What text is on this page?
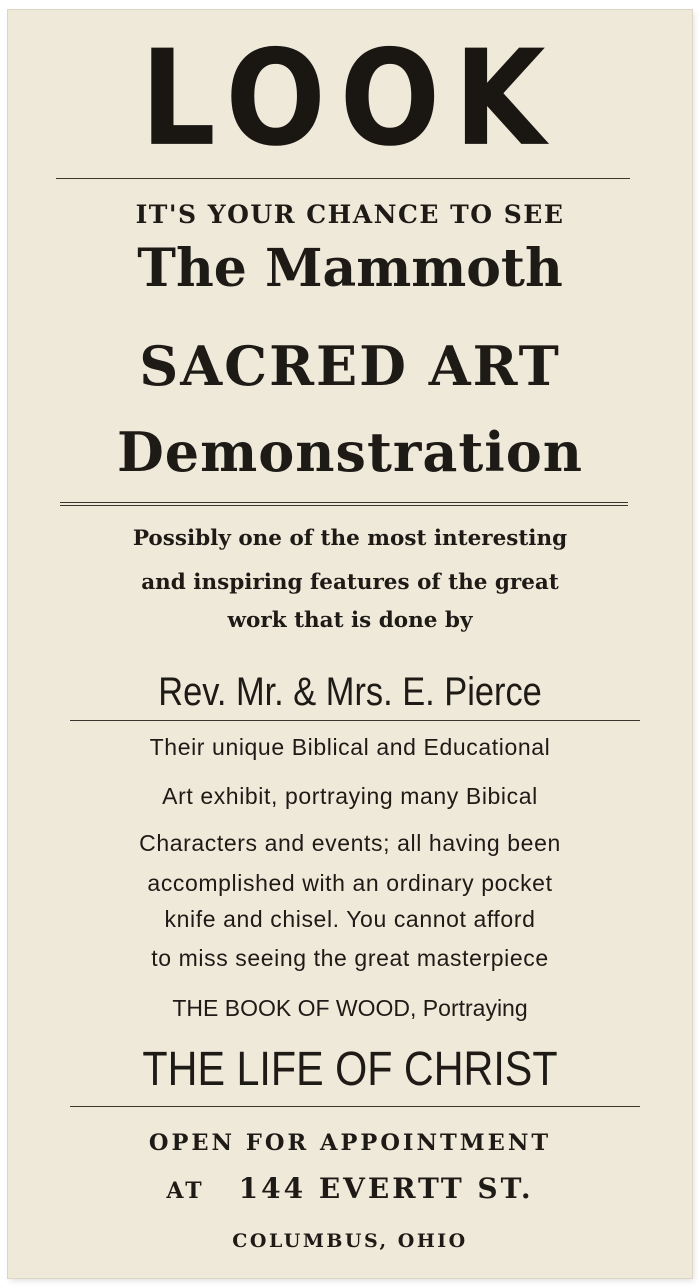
LOOK
IT'S YOUR CHANCE TO SEE
The Mammoth
SACRED ART
Demonstration
Possibly one of the most interesting
and inspiring features of the great
work that is done by
Rev. Mr. & Mrs. E. Pierce
Their unique Biblical and Educational
Art exhibit, portraying many Bibical
Characters and events; all having been
accomplished with an ordinary pocket
knife and chisel. You cannot afford
to miss seeing the great masterpiece
THE BOOK OF WOOD, Portraying
THE LIFE OF CHRIST
OPEN FOR APPOINTMENT
AT 144 EVERTT ST.
COLUMBUS, OHIO
